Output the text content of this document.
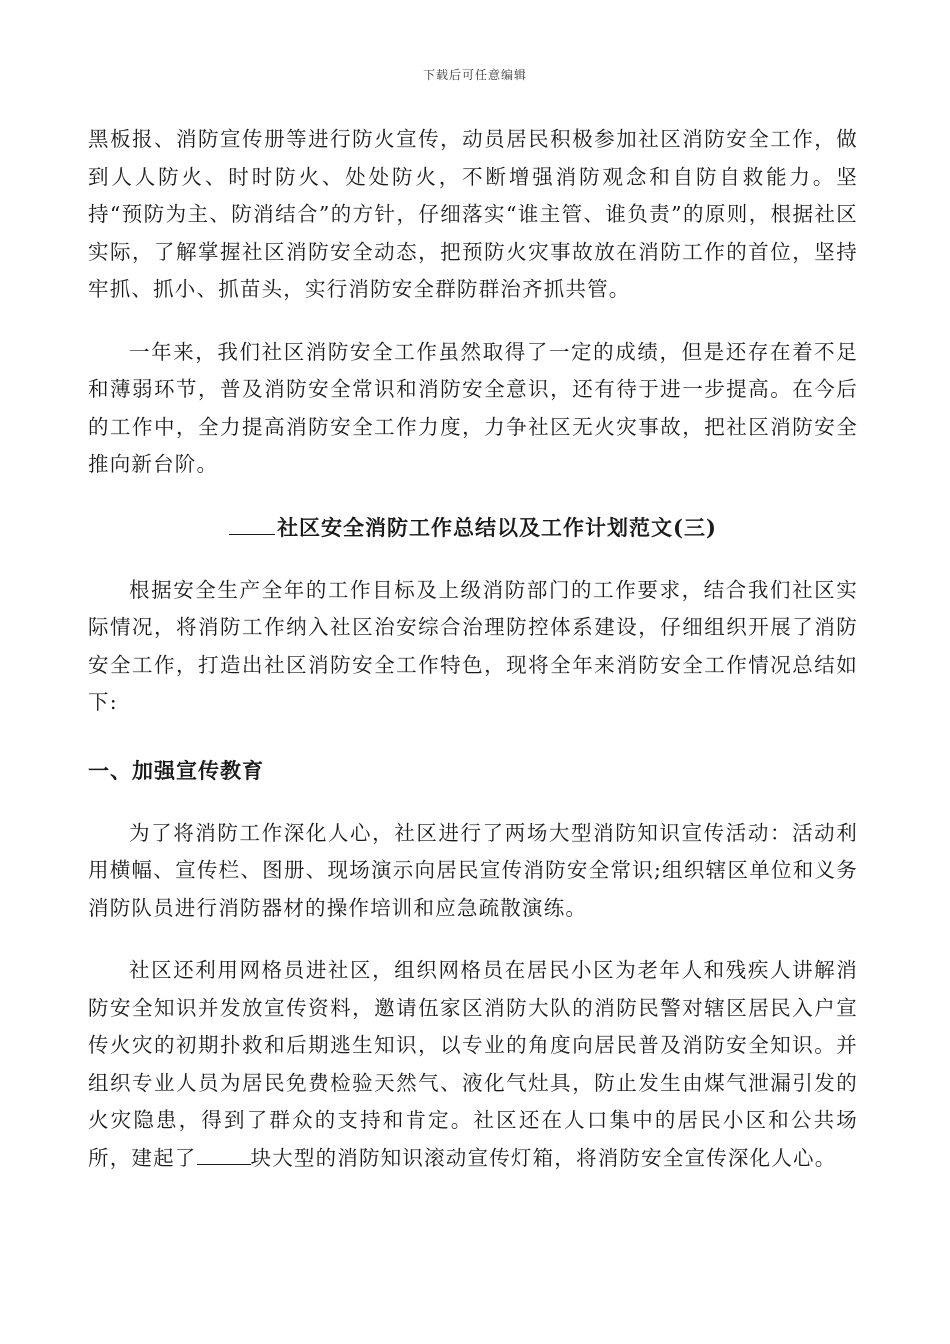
下载后可任意编辑

黑板报、消防宣传册等进行防火宣传，动员居民积极参加社区消防安全工作，做到人人防火、时时防火、处处防火，不断增强消防观念和自防自救能力。坚持“预防为主、防消结合”的方针，仔细落实“谁主管、谁负责”的原则，根据社区实际，了解掌握社区消防安全动态，把预防火灾事故放在消防工作的首位，坚持牢抓、抓小、抓苗头，实行消防安全群防群治齐抓共管。

一年来，我们社区消防安全工作虽然取得了一定的成绩，但是还存在着不足和薄弱环节，普及消防安全常识和消防安全意识，还有待于进一步提高。在今后的工作中，全力提高消防安全工作力度，力争社区无火灾事故，把社区消防安全推向新台阶。

社区安全消防工作总结以及工作计划范文(三)

根据安全生产全年的工作目标及上级消防部门的工作要求，结合我们社区实际情况，将消防工作纳入社区治安综合治理防控体系建设，仔细组织开展了消防安全工作，打造出社区消防安全工作特色，现将全年来消防安全工作情况总结如下:

一、加强宣传教育

为了将消防工作深化人心，社区进行了两场大型消防知识宣传活动：活动利用横幅、宣传栏、图册、现场演示向居民宣传消防安全常识;组织辖区单位和义务消防队员进行消防器材的操作培训和应急疏散演练。

社区还利用网格员进社区，组织网格员在居民小区为老年人和残疾人讲解消防安全知识并发放宣传资料，邀请伍家区消防大队的消防民警对辖区居民入户宣传火灾的初期扑救和后期逃生知识，以专业的角度向居民普及消防安全知识。并组织专业人员为居民免费检验天然气、液化气灶具，防止发生由煤气泄漏引发的火灾隐患，得到了群众的支持和肯定。社区还在人口集中的居民小区和公共场所，建起了	块大型的消防知识滚动宣传灯箱，将消防安全宣传深化人心。
